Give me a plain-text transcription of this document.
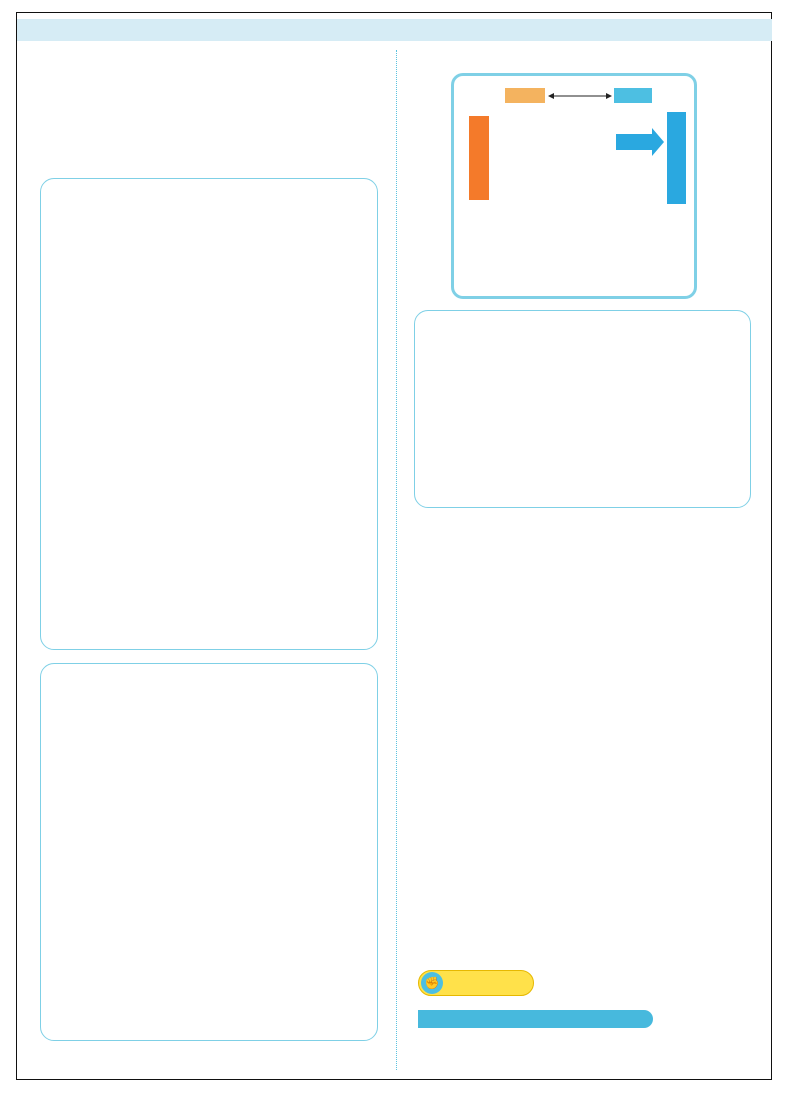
✊
